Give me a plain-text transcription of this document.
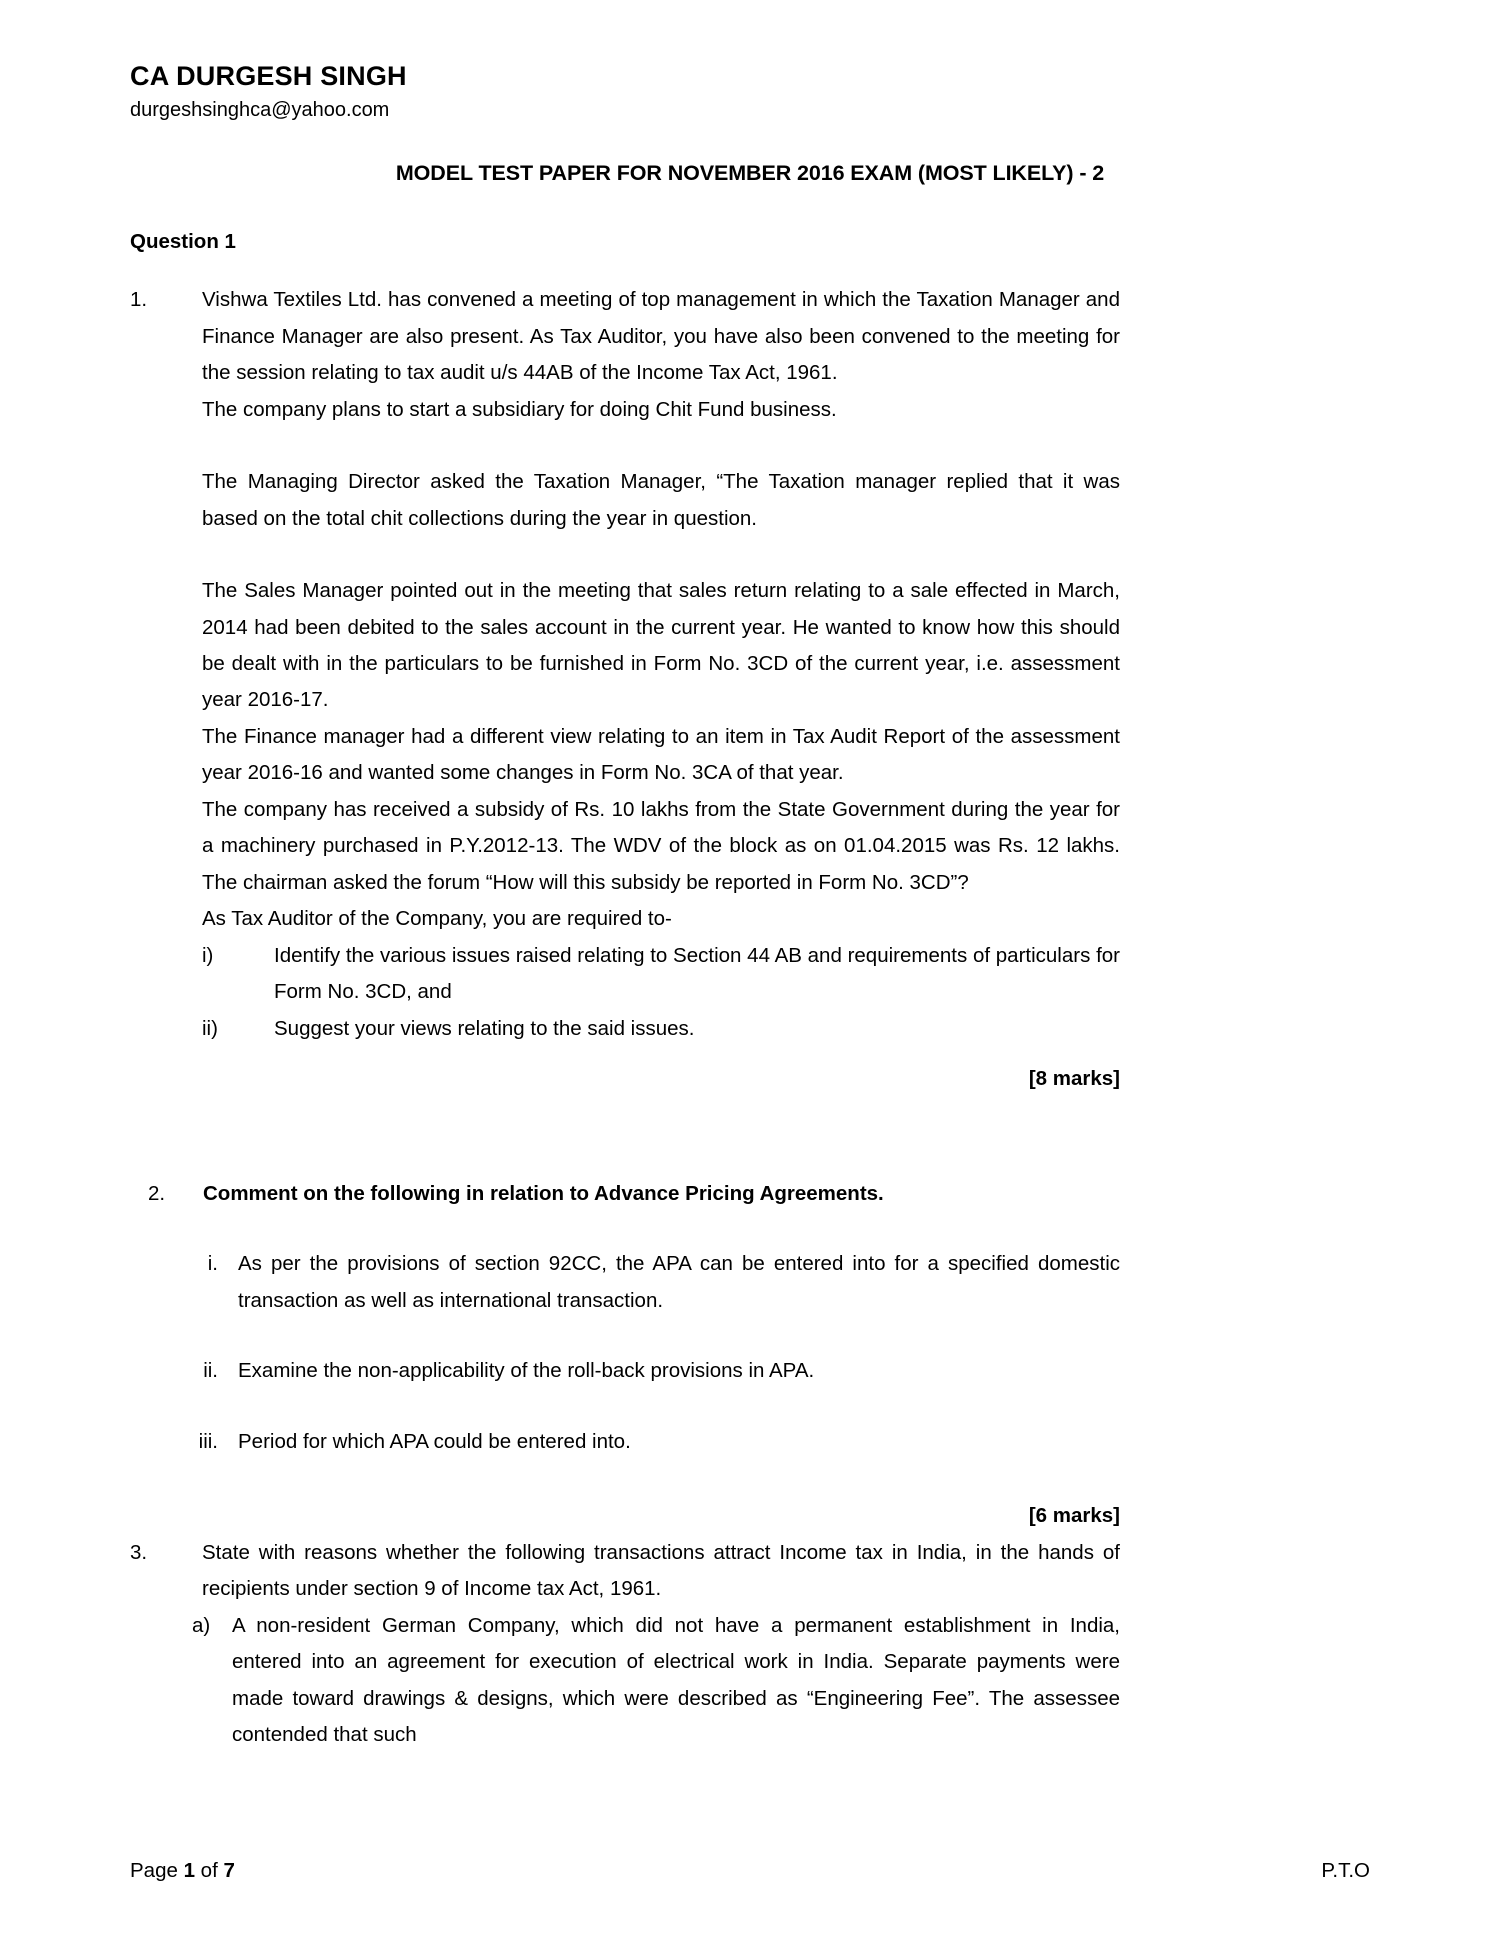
CA DURGESH SINGH
durgeshsinghca@yahoo.com
MODEL TEST PAPER FOR NOVEMBER 2016 EXAM (MOST LIKELY) - 2
Question 1
1.	Vishwa Textiles Ltd. has convened a meeting of top management in which the Taxation Manager and Finance Manager are also present. As Tax Auditor, you have also been convened to the meeting for the session relating to tax audit u/s 44AB of the Income Tax Act, 1961.

The company plans to start a subsidiary for doing Chit Fund business.

The Managing Director asked the Taxation Manager, “The Taxation manager replied that it was based on the total chit collections during the year in question.

The Sales Manager pointed out in the meeting that sales return relating to a sale effected in March, 2014 had been debited to the sales account in the current year. He wanted to know how this should be dealt with in the particulars to be furnished in Form No. 3CD of the current year, i.e. assessment year 2016-17.

The Finance manager had a different view relating to an item in Tax Audit Report of the assessment year 2016-16 and wanted some changes in Form No. 3CA of that year.

The company has received a subsidy of Rs. 10 lakhs from the State Government during the year for a machinery purchased in P.Y.2012-13. The WDV of the block as on 01.04.2015 was Rs. 12 lakhs. The chairman asked the forum “How will this subsidy be reported in Form No. 3CD”?

As Tax Auditor of the Company, you are required to-

i)	Identify the various issues raised relating to Section 44 AB and requirements of particulars for Form No. 3CD, and
ii)	Suggest your views relating to the said issues.
[8 marks]
2.	Comment on the following in relation to Advance Pricing Agreements.

i. As per the provisions of section 92CC, the APA can be entered into for a specified domestic transaction as well as international transaction.
ii. Examine the non-applicability of the roll-back provisions in APA.
iii. Period for which APA could be entered into.
[6 marks]
3.	State with reasons whether the following transactions attract Income tax in India, in the hands of recipients under section 9 of Income tax Act, 1961.

a)	A non-resident German Company, which did not have a permanent establishment in India, entered into an agreement for execution of electrical work in India. Separate payments were made toward drawings & designs, which were described as “Engineering Fee”. The assessee contended that such
Page 1 of 7	P.T.O
